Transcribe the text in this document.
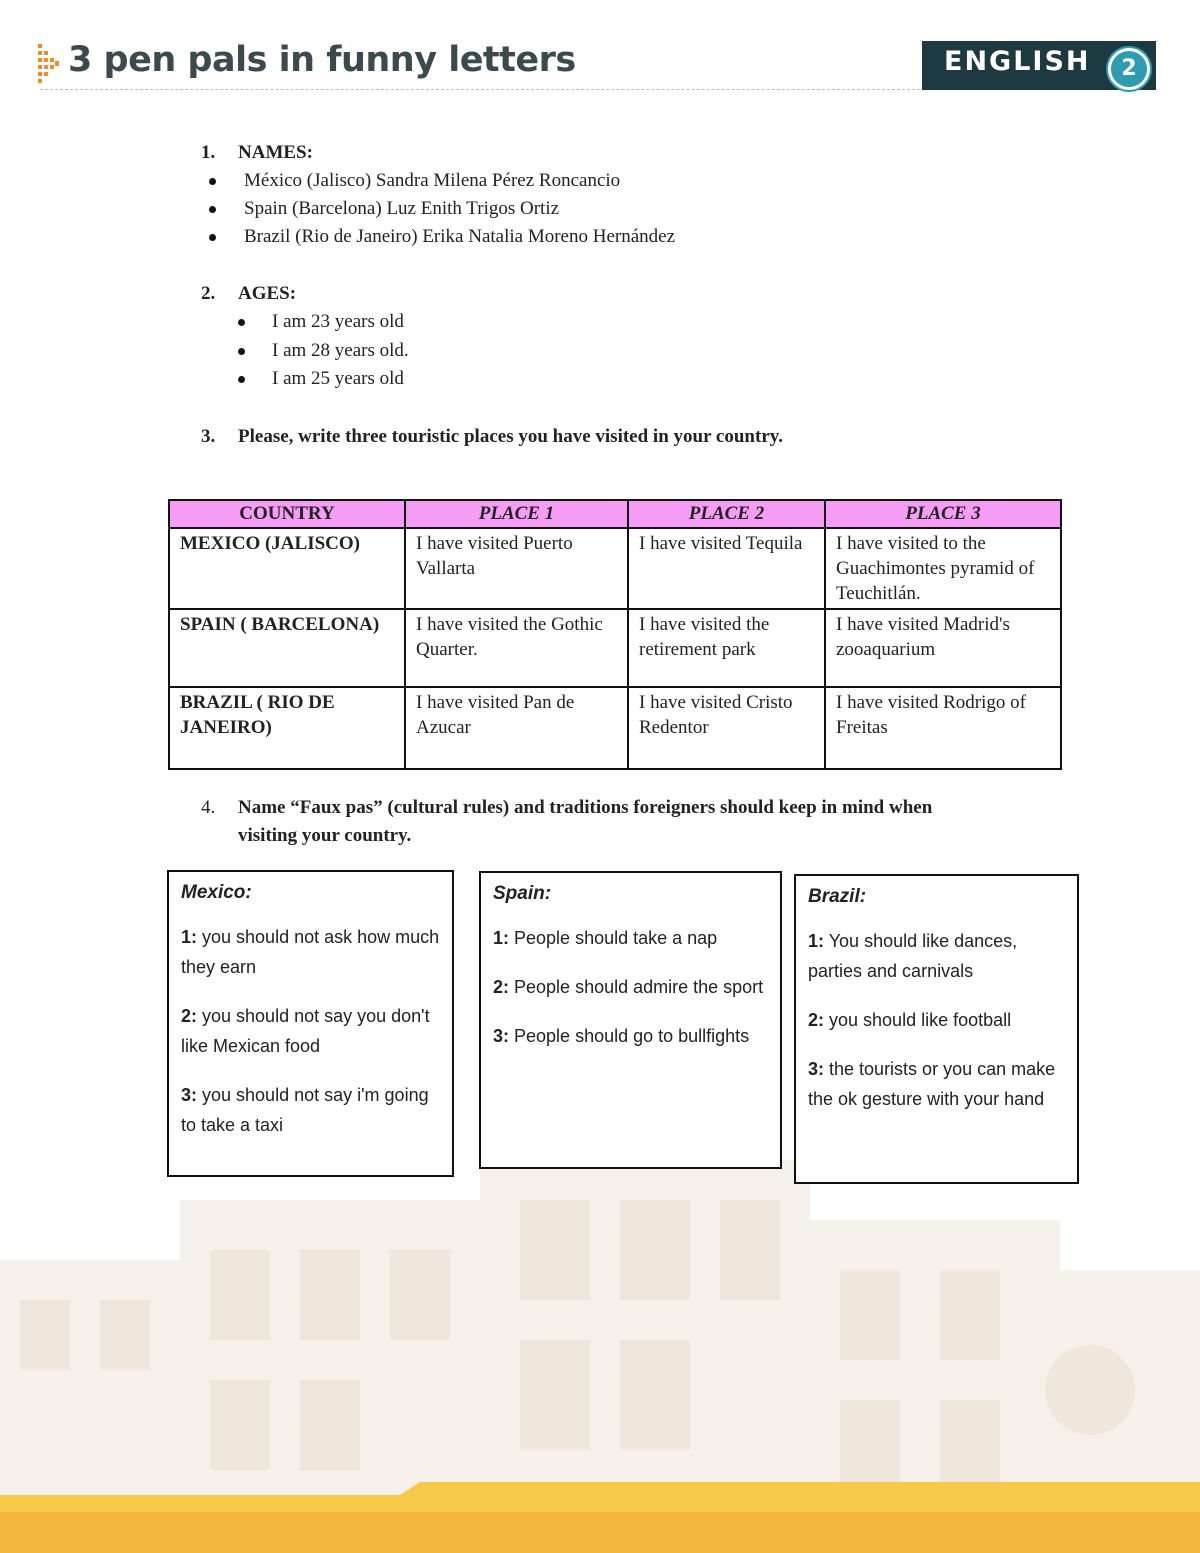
3 pen pals in funny letters	ENGLISH	2
1. NAMES:
México (Jalisco) Sandra Milena Pérez Roncancio
Spain (Barcelona) Luz Enith Trigos Ortiz
Brazil (Rio de Janeiro) Erika Natalia Moreno Hernández
2. AGES:
I am 23 years old
I am 28 years old.
I am 25 years old
3. Please, write three touristic places you have visited in your country.
COUNTRY	PLACE 1	PLACE 2	PLACE 3
MEXICO (JALISCO)	I have visited Puerto Vallarta	I have visited Tequila	I have visited to the Guachimontes pyramid of Teuchitlán.
SPAIN ( BARCELONA)	I have visited the Gothic Quarter.	I have visited the retirement park	I have visited Madrid's zooaquarium
BRAZIL ( RIO DE JANEIRO)	I have visited Pan de Azucar	I have visited Cristo Redentor	I have visited Rodrigo of Freitas
4. Name “Faux pas” (cultural rules) and traditions foreigners should keep in mind when
visiting your country.
Mexico:

1: you should not ask how much they earn

2: you should not say you don't like Mexican food

3: you should not say i'm going to take a taxi

Spain:

1: People should take a nap

2: People should admire the sport

3: People should go to bullfights

Brazil:

1: You should like dances, parties and carnivals

2: you should like football

3: the tourists or you can make the ok gesture with your hand
